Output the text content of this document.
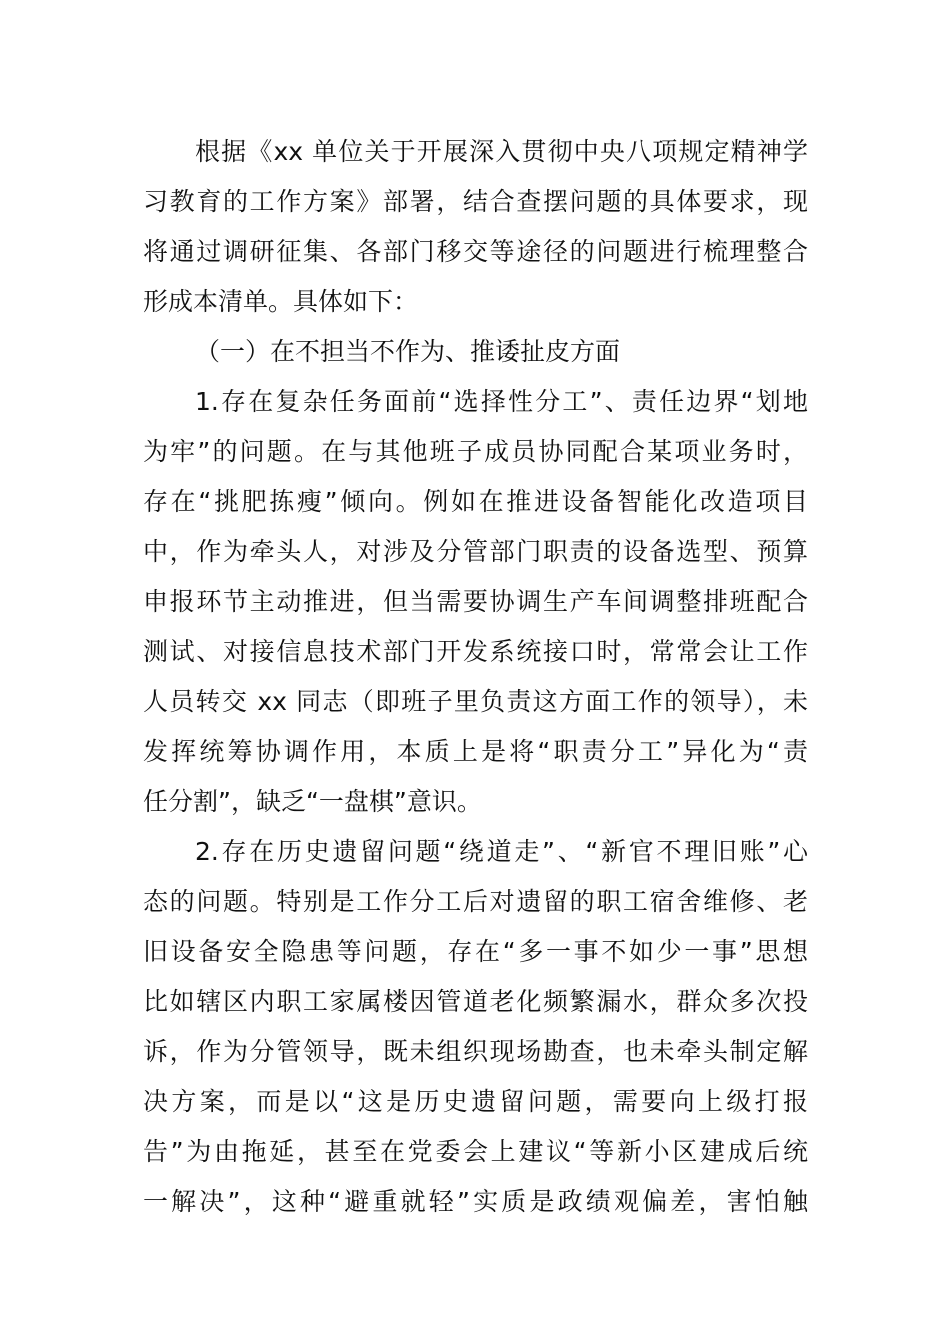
根据《xx 单位关于开展深入贯彻中央八项规定精神学
习教育的工作方案》部署，结合查摆问题的具体要求，现
将通过调研征集、各部门移交等途径的问题进行梳理整合
形成本清单。具体如下：
（一）在不担当不作为、推诿扯皮方面
1.存在复杂任务面前“选择性分工”、责任边界“划地
为牢”的问题。在与其他班子成员协同配合某项业务时，
存在“挑肥拣瘦”倾向。例如在推进设备智能化改造项目
中，作为牵头人，对涉及分管部门职责的设备选型、预算
申报环节主动推进，但当需要协调生产车间调整排班配合
测试、对接信息技术部门开发系统接口时，常常会让工作
人员转交 xx 同志（即班子里负责这方面工作的领导），未
发挥统筹协调作用，本质上是将“职责分工”异化为“责
任分割”，缺乏“一盘棋”意识。
2.存在历史遗留问题“绕道走”、“新官不理旧账”心
态的问题。特别是工作分工后对遗留的职工宿舍维修、老
旧设备安全隐患等问题，存在“多一事不如少一事”思想
比如辖区内职工家属楼因管道老化频繁漏水，群众多次投
诉，作为分管领导，既未组织现场勘查，也未牵头制定解
决方案，而是以“这是历史遗留问题，需要向上级打报
告”为由拖延，甚至在党委会上建议“等新小区建成后统
一解决”，这种“避重就轻”实质是政绩观偏差，害怕触
